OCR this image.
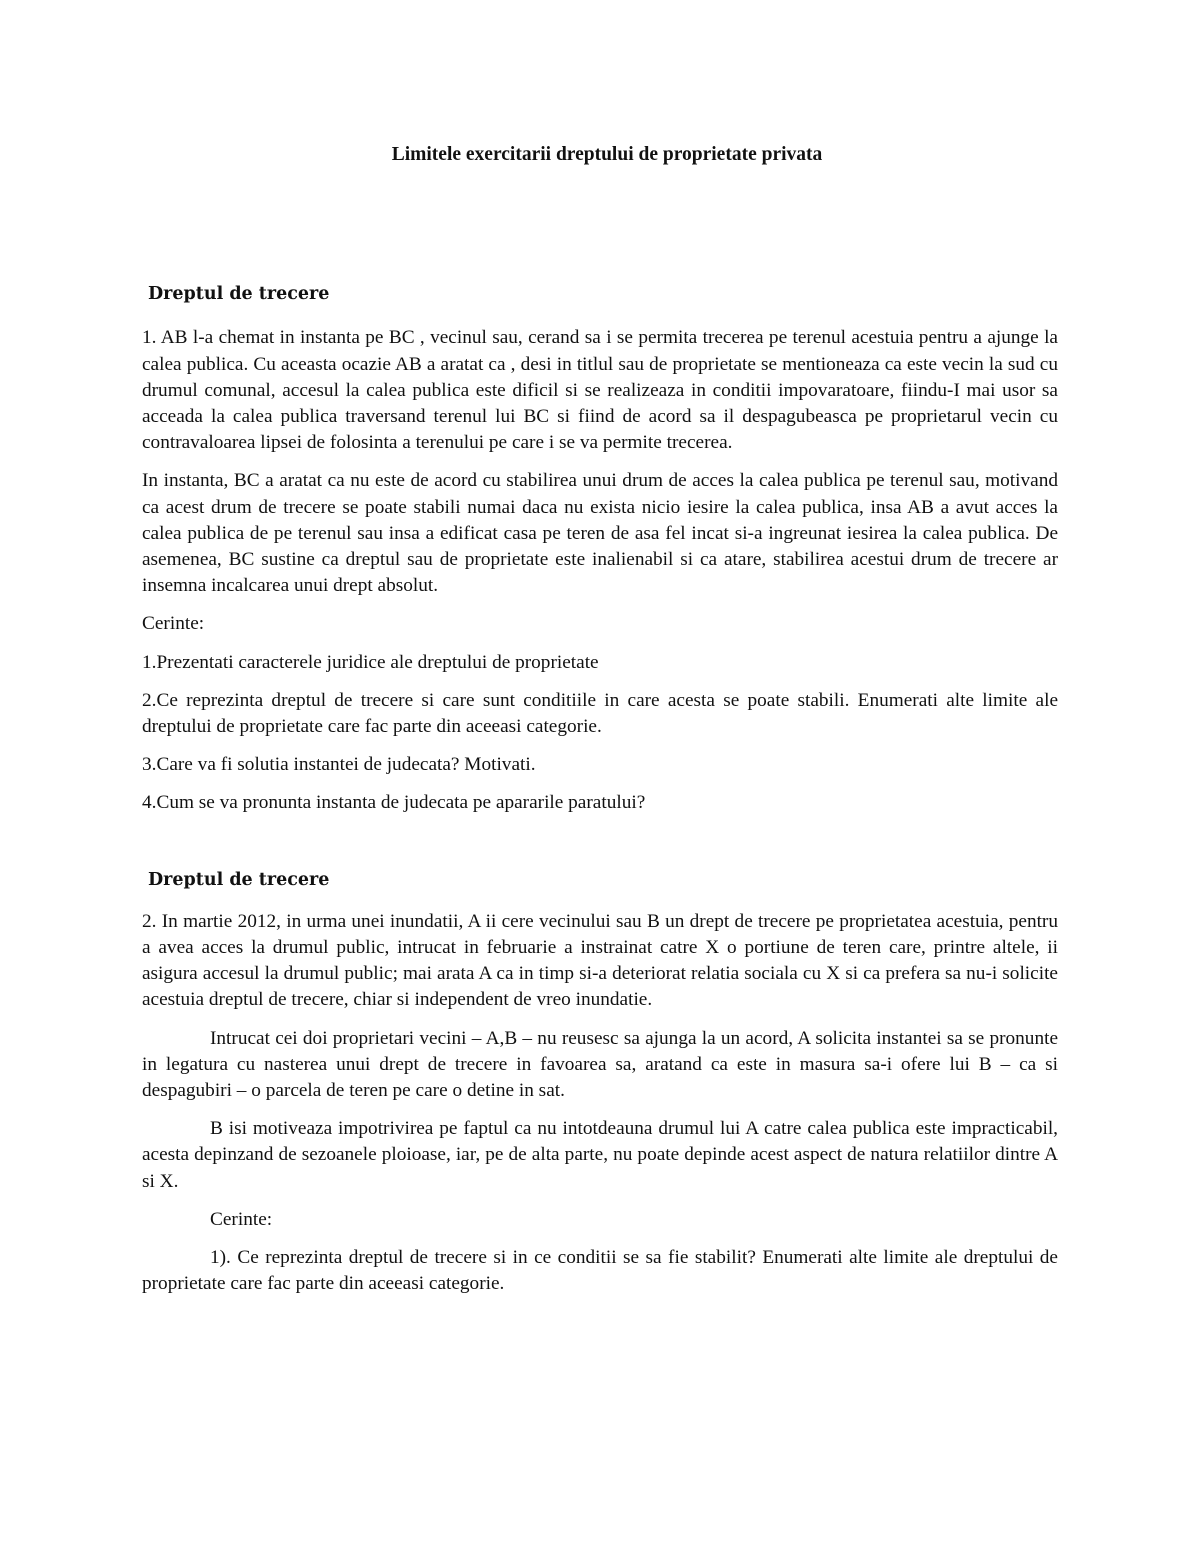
Limitele exercitarii dreptului de proprietate privata

Dreptul de trecere

1. AB l-a chemat in instanta pe BC , vecinul sau, cerand sa i se permita trecerea pe terenul acestuia pentru a ajunge la calea publica. Cu aceasta ocazie AB a aratat ca , desi in titlul sau de proprietate se mentioneaza ca este vecin la sud cu drumul comunal, accesul la calea publica este dificil si se realizeaza in conditii impovaratoare, fiindu-I mai usor sa acceada la calea publica traversand terenul lui BC si fiind de acord sa il despagubeasca pe proprietarul vecin cu contravaloarea lipsei de folosinta a terenului pe care i se va permite trecerea.

In instanta, BC a aratat ca nu este de acord cu stabilirea unui drum de acces la calea publica pe terenul sau, motivand ca acest drum de trecere se poate stabili numai daca nu exista nicio iesire la calea publica, insa AB a avut acces la calea publica de pe terenul sau insa a edificat casa pe teren de asa fel incat si-a ingreunat iesirea la calea publica. De asemenea, BC sustine ca dreptul sau de proprietate este inalienabil si ca atare, stabilirea acestui drum de trecere ar insemna incalcarea unui drept absolut.

Cerinte:

1.Prezentati caracterele juridice ale dreptului de proprietate

2.Ce reprezinta dreptul de trecere si care sunt conditiile in care acesta se poate stabili. Enumerati alte limite ale dreptului de proprietate care fac parte din aceeasi categorie.

3.Care va fi solutia instantei de judecata? Motivati.

4.Cum se va pronunta instanta de judecata pe apararile paratului?

Dreptul de trecere

2. In martie 2012, in urma unei inundatii, A ii cere vecinului sau B un drept de trecere pe proprietatea acestuia, pentru a avea acces la drumul public, intrucat in februarie a instrainat catre X o portiune de teren care, printre altele, ii asigura accesul la drumul public; mai arata A ca in timp si-a deteriorat relatia sociala cu X si ca prefera sa nu-i solicite acestuia dreptul de trecere, chiar si independent de vreo inundatie.

Intrucat cei doi proprietari vecini – A,B – nu reusesc sa ajunga la un acord, A solicita instantei sa se pronunte in legatura cu nasterea unui drept de trecere in favoarea sa, aratand ca este in masura sa-i ofere lui B – ca si despagubiri – o parcela de teren pe care o detine in sat.

B isi motiveaza impotrivirea pe faptul ca nu intotdeauna drumul lui A catre calea publica este impracticabil, acesta depinzand de sezoanele ploioase, iar, pe de alta parte, nu poate depinde acest aspect de natura relatiilor dintre A si X.

Cerinte:

1). Ce reprezinta dreptul de trecere si in ce conditii se sa fie stabilit? Enumerati alte limite ale dreptului de proprietate care fac parte din aceeasi categorie.
